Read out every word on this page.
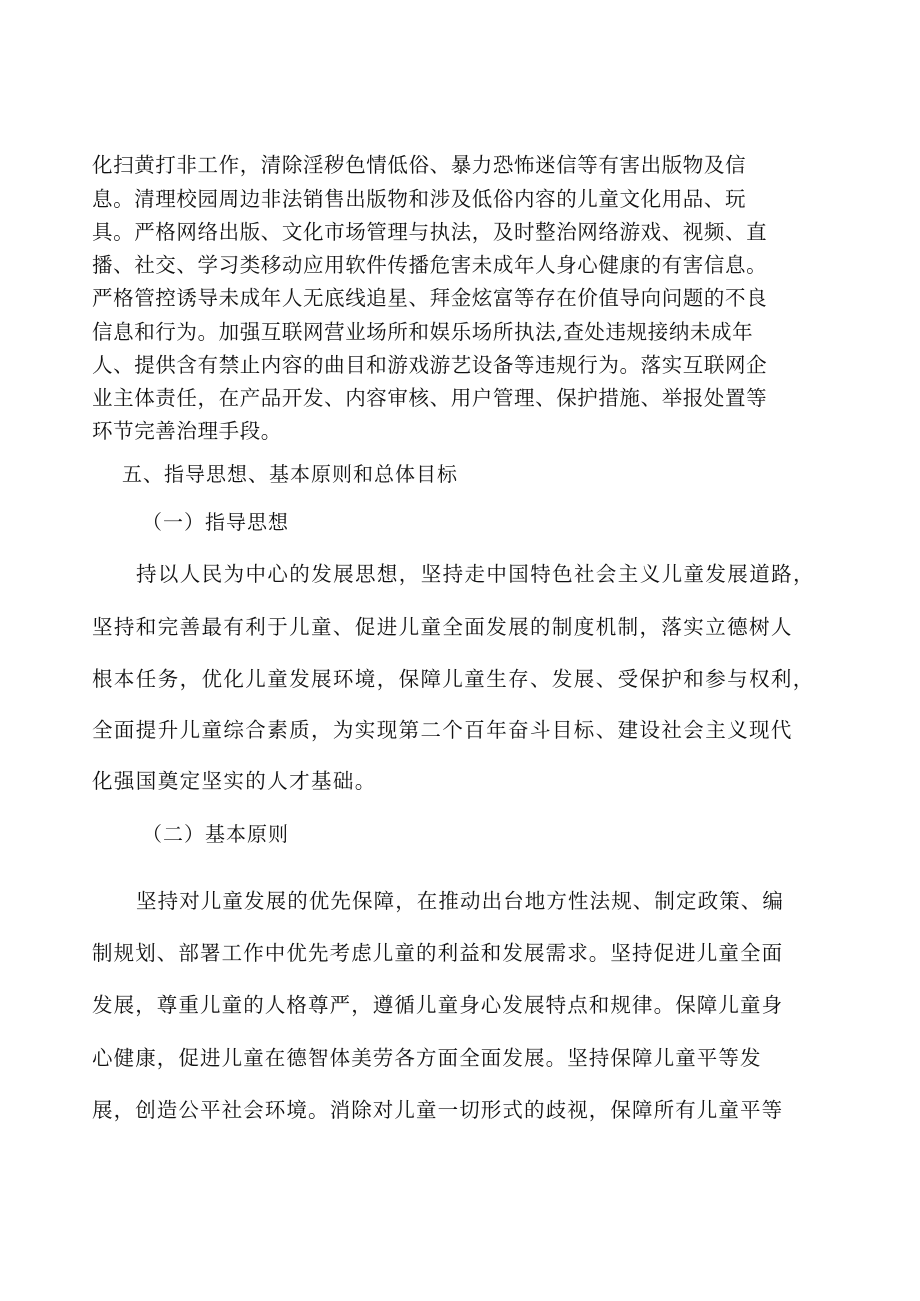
化扫黄打非工作，清除淫秽色情低俗、暴力恐怖迷信等有害出版物及信

息。清理校园周边非法销售出版物和涉及低俗内容的儿童文化用品、玩

具。严格网络出版、文化市场管理与执法，及时整治网络游戏、视频、直

播、社交、学习类移动应用软件传播危害未成年人身心健康的有害信息。

严格管控诱导未成年人无底线追星、拜金炫富等存在价值导向问题的不良

信息和行为。加强互联网营业场所和娱乐场所执法,查处违规接纳未成年

人、提供含有禁止内容的曲目和游戏游艺设备等违规行为。落实互联网企

业主体责任，在产品开发、内容审核、用户管理、保护措施、举报处置等

环节完善治理手段。

五、指导思想、基本原则和总体目标
（一）指导思想

持以人民为中心的发展思想，坚持走中国特色社会主义儿童发展道路，

坚持和完善最有利于儿童、促进儿童全面发展的制度机制，落实立德树人

根本任务，优化儿童发展环境，保障儿童生存、发展、受保护和参与权利，

全面提升儿童综合素质，为实现第二个百年奋斗目标、建设社会主义现代

化强国奠定坚实的人才基础。

（二）基本原则

坚持对儿童发展的优先保障，在推动出台地方性法规、制定政策、编

制规划、部署工作中优先考虑儿童的利益和发展需求。坚持促进儿童全面

发展，尊重儿童的人格尊严，遵循儿童身心发展特点和规律。保障儿童身

心健康，促进儿童在德智体美劳各方面全面发展。坚持保障儿童平等发

展，创造公平社会环境。消除对儿童一切形式的歧视，保障所有儿童平等
